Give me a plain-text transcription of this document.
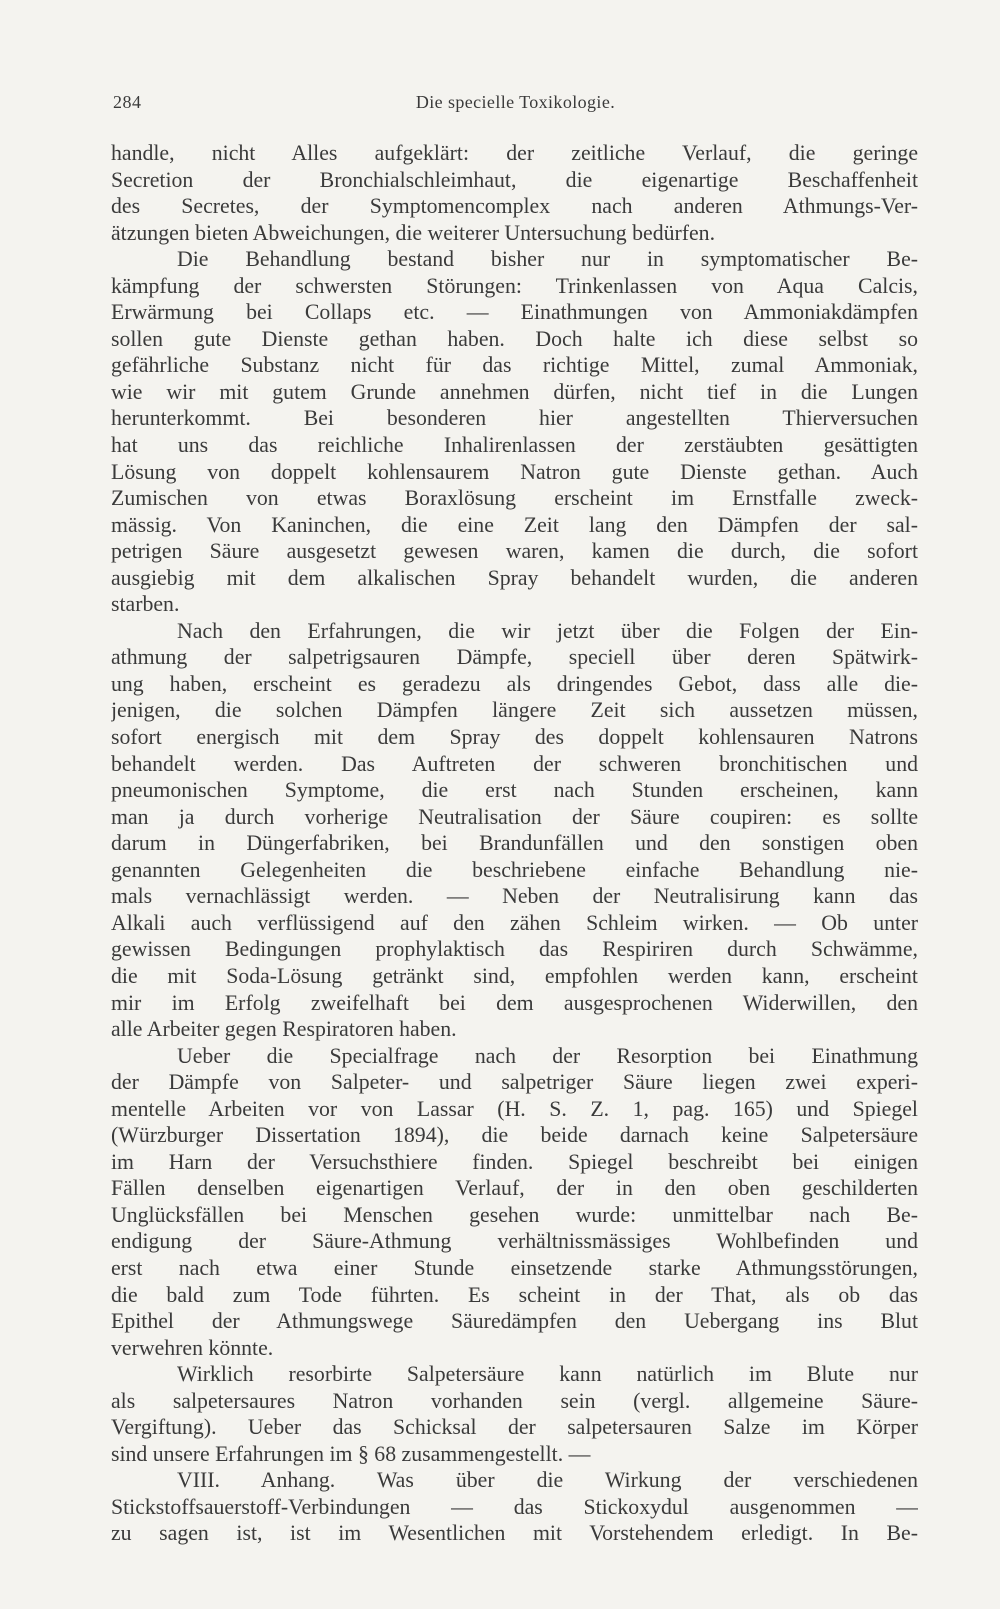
284	Die specielle Toxikologie.
handle, nicht Alles aufgeklärt: der zeitliche Verlauf, die geringe
Secretion der Bronchialschleimhaut, die eigenartige Beschaffenheit
des Secretes, der Symptomencomplex nach anderen Athmungs-Ver-
ätzungen bieten Abweichungen, die weiterer Untersuchung bedürfen.
Die Behandlung bestand bisher nur in symptomatischer Be-
kämpfung der schwersten Störungen: Trinkenlassen von Aqua Calcis,
Erwärmung bei Collaps etc. — Einathmungen von Ammoniakdämpfen
sollen gute Dienste gethan haben. Doch halte ich diese selbst so
gefährliche Substanz nicht für das richtige Mittel, zumal Ammoniak,
wie wir mit gutem Grunde annehmen dürfen, nicht tief in die Lungen
herunterkommt. Bei besonderen hier angestellten Thierversuchen
hat uns das reichliche Inhalirenlassen der zerstäubten gesättigten
Lösung von doppelt kohlensaurem Natron gute Dienste gethan. Auch
Zumischen von etwas Boraxlösung erscheint im Ernstfalle zweck-
mässig. Von Kaninchen, die eine Zeit lang den Dämpfen der sal-
petrigen Säure ausgesetzt gewesen waren, kamen die durch, die sofort
ausgiebig mit dem alkalischen Spray behandelt wurden, die anderen
starben.
Nach den Erfahrungen, die wir jetzt über die Folgen der Ein-
athmung der salpetrigsauren Dämpfe, speciell über deren Spätwirk-
ung haben, erscheint es geradezu als dringendes Gebot, dass alle die-
jenigen, die solchen Dämpfen längere Zeit sich aussetzen müssen,
sofort energisch mit dem Spray des doppelt kohlensauren Natrons
behandelt werden. Das Auftreten der schweren bronchitischen und
pneumonischen Symptome, die erst nach Stunden erscheinen, kann
man ja durch vorherige Neutralisation der Säure coupiren: es sollte
darum in Düngerfabriken, bei Brandunfällen und den sonstigen oben
genannten Gelegenheiten die beschriebene einfache Behandlung nie-
mals vernachlässigt werden. — Neben der Neutralisirung kann das
Alkali auch verflüssigend auf den zähen Schleim wirken. — Ob unter
gewissen Bedingungen prophylaktisch das Respiriren durch Schwämme,
die mit Soda-Lösung getränkt sind, empfohlen werden kann, erscheint
mir im Erfolg zweifelhaft bei dem ausgesprochenen Widerwillen, den
alle Arbeiter gegen Respiratoren haben.
Ueber die Specialfrage nach der Resorption bei Einathmung
der Dämpfe von Salpeter- und salpetriger Säure liegen zwei experi-
mentelle Arbeiten vor von Lassar (H. S. Z. 1, pag. 165) und Spiegel
(Würzburger Dissertation 1894), die beide darnach keine Salpetersäure
im Harn der Versuchsthiere finden. Spiegel beschreibt bei einigen
Fällen denselben eigenartigen Verlauf, der in den oben geschilderten
Unglücksfällen bei Menschen gesehen wurde: unmittelbar nach Be-
endigung der Säure-Athmung verhältnissmässiges Wohlbefinden und
erst nach etwa einer Stunde einsetzende starke Athmungsstörungen,
die bald zum Tode führten. Es scheint in der That, als ob das
Epithel der Athmungswege Säuredämpfen den Uebergang ins Blut
verwehren könnte.
Wirklich resorbirte Salpetersäure kann natürlich im Blute nur
als salpetersaures Natron vorhanden sein (vergl. allgemeine Säure-
Vergiftung). Ueber das Schicksal der salpetersauren Salze im Körper
sind unsere Erfahrungen im § 68 zusammengestellt. —
VIII. Anhang. Was über die Wirkung der verschiedenen
Stickstoffsauerstoff-Verbindungen — das Stickoxydul ausgenommen —
zu sagen ist, ist im Wesentlichen mit Vorstehendem erledigt. In Be-
